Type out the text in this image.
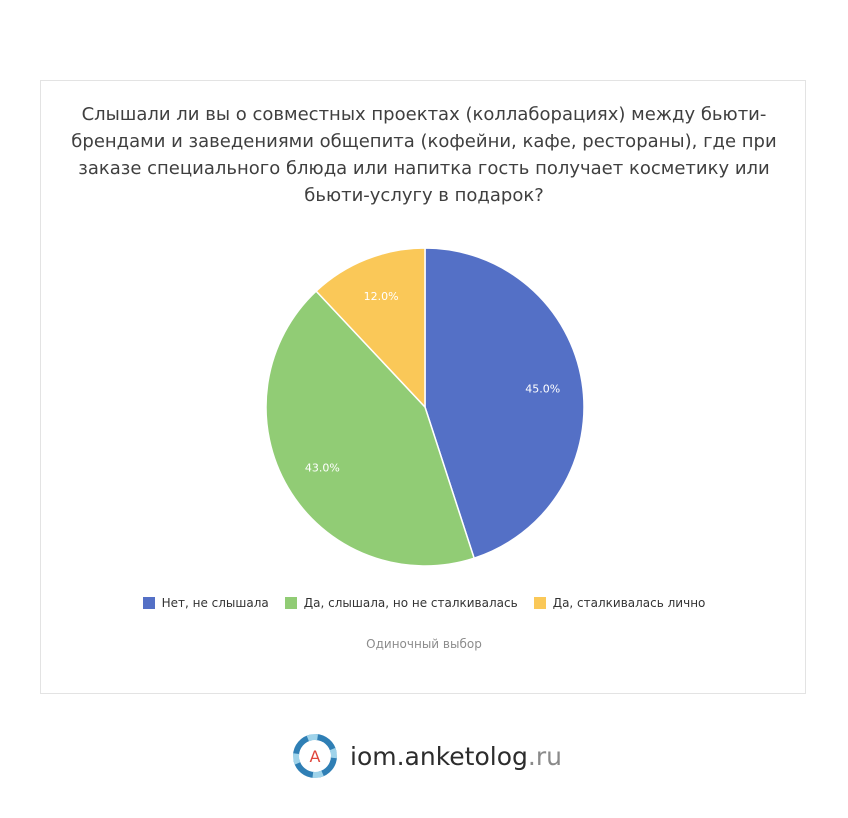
Слышали ли вы о совместных проектах (коллаборациях) между бьюти-брендами и заведениями общепита (кофейни, кафе, рестораны), где при заказе специального блюда или напитка гость получает косметику или бьюти-услугу в подарок?
45.0%
43.0%
12.0%
Нет, не слышала	Да, слышала, но не сталкивалась	Да, сталкивалась лично
Одиночный выбор
A iom.anketolog.ru
